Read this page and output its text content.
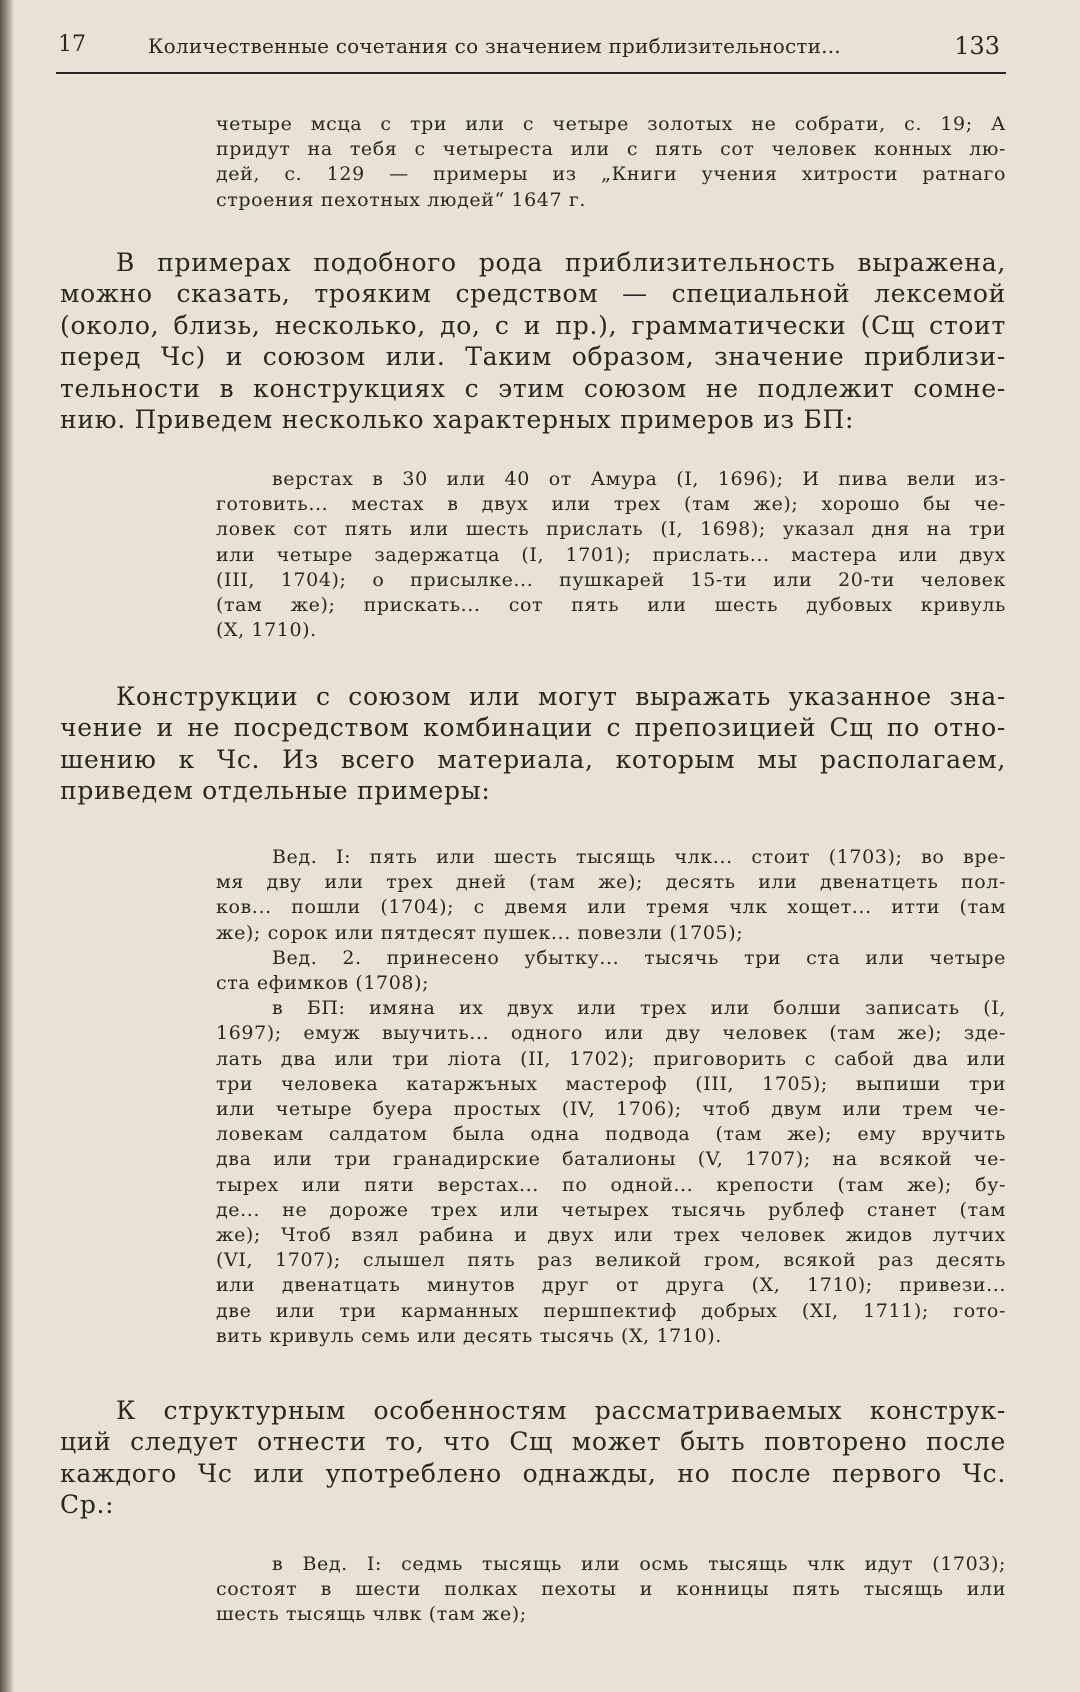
17	Количественные сочетания со значением приблизительности...	133
четыре мсца с три или с четыре золотых не собрати, с. 19; А
придут на тебя с четыреста или с пять сот человек конных лю-
дей, с. 129 — примеры из „Книги учения хитрости ратнаго
строения пехотных людей“ 1647 г.
В примерах подобного рода приблизительность выражена,
можно сказать, трояким средством — специальной лексемой
(около, близь, несколько, до, с и пр.), грамматически (Сщ стоит
перед Чс) и союзом или. Таким образом, значение приблизи-
тельности в конструкциях с этим союзом не подлежит сомне-
нию. Приведем несколько характерных примеров из БП:
верстах в 30 или 40 от Амура (I, 1696); И пива вели из-
готовить... местах в двух или трех (там же); хорошо бы че-
ловек сот пять или шесть прислать (I, 1698); указал дня на три
или четыре задержатца (I, 1701); прислать... мастера или двух
(III, 1704); о присылке... пушкарей 15-ти или 20-ти человек
(там же); прискать... сот пять или шесть дубовых кривуль
(X, 1710).
Конструкции с союзом или могут выражать указанное зна-
чение и не посредством комбинации с препозицией Сщ по отно-
шению к Чс. Из всего материала, которым мы располагаем,
приведем отдельные примеры:
Вед. I: пять или шесть тысящь члк... стоит (1703); во вре-
мя дву или трех дней (там же); десять или двенатцеть пол-
ков... пошли (1704); с двемя или тремя члк хощет... итти (там
же); сорок или пятдесят пушек... повезли (1705);
Вед. 2. принесено убытку... тысячь три ста или четыре
ста ефимков (1708);
в БП: имяна их двух или трех или болши записать (I,
1697); емуж выучить... одного или дву человек (там же); зде-
лать два или три лiота (II, 1702); приговорить с сабой два или
три человека катаржъных мастероф (III, 1705); выпиши три
или четыре буера простых (IV, 1706); чтоб двум или трем че-
ловекам салдатом была одна подвода (там же); ему вручить
два или три гранадирские баталионы (V, 1707); на всякой че-
тырех или пяти верстах... по одной... крепости (там же); бу-
де... не дороже трех или четырех тысячь рублеф станет (там
же); Чтоб взял рабина и двух или трех человек жидов лутчих
(VI, 1707); слышел пять раз великой гром, всякой раз десять
или двенатцать минутов друг от друга (X, 1710); привези...
две или три карманных першпектиф добрых (XI, 1711); гото-
вить кривуль семь или десять тысячь (X, 1710).
К структурным особенностям рассматриваемых конструк-
ций следует отнести то, что Сщ может быть повторено после
каждого Чс или употреблено однажды, но после первого Чс.
Ср.:
в Вед. I: седмь тысящь или осмь тысящь члк идут (1703);
состоят в шести полках пехоты и конницы пять тысящь или
шесть тысящь члвк (там же);
